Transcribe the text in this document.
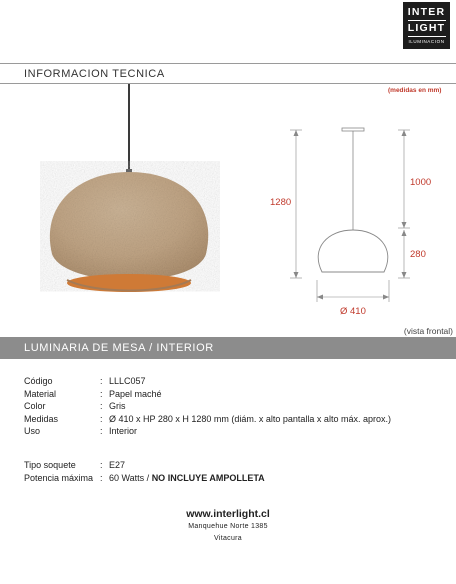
INTER
LIGHT
ILUMINACION
INFORMACION TECNICA
(medidas en mm)
1280
1000
280
Ø 410
(vista frontal)
LUMINARIA DE MESA / INTERIOR
Código	: LLLC057
Material	: Papel maché
Color	: Gris
Medidas	: Ø 410 x HP 280 x H 1280 mm (diám. x alto pantalla x alto máx. aprox.)
Uso	: Interior
Tipo soquete	: E27
Potencia máxima : 60 Watts / NO INCLUYE AMPOLLETA
www.interlight.cl
Manquehue Norte 1385
Vitacura
